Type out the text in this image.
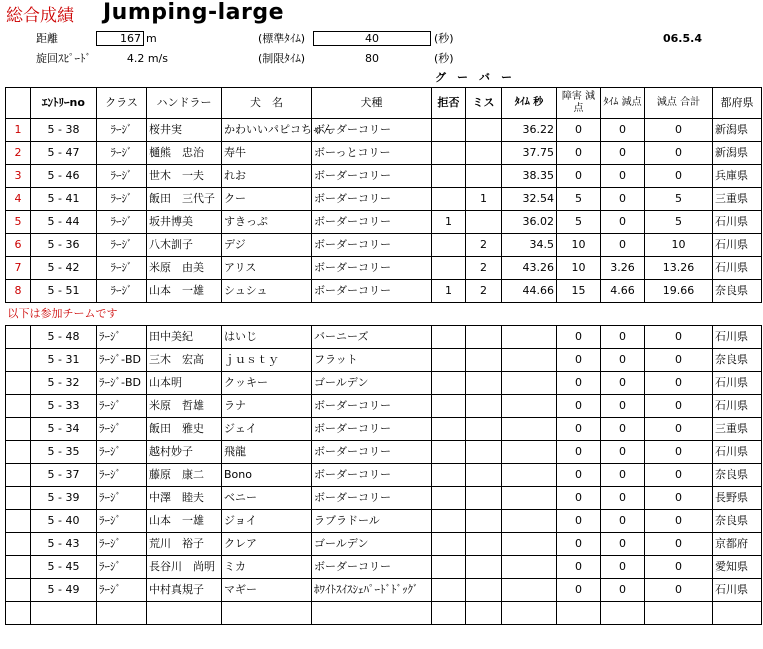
総合成績 Jumping-large
06.5.4
距離	167 m
旋回ｽﾋﾟｰﾄﾞ	4.2 m/s
(標準ﾀｲﾑ)	40	(秒)
(制限ﾀｲﾑ)	80	(秒)
グ　ー　バ　ー
	ｴﾝﾄﾘｰno	クラス	ハンドラー	犬　名	犬種	拒否	ミス	ﾀｲﾑ 秒	障害 減点	ﾀｲﾑ 減点	減点 合計	都府県
1	5 - 38	ﾗｰｼﾞ	桜井実	かわいいパピコちゃん	ボーダーコリー			36.22	0	0	0	新潟県
2	5 - 47	ﾗｰｼﾞ	樋熊　忠治	寿牛	ボーっとコリー			37.75	0	0	0	新潟県
3	5 - 46	ﾗｰｼﾞ	世木　一夫	れお	ボーダーコリー			38.35	0	0	0	兵庫県
4	5 - 41	ﾗｰｼﾞ	飯田　三代子	クー	ボーダーコリー		1	32.54	5	0	5	三重県
5	5 - 44	ﾗｰｼﾞ	坂井博美	すきっぷ	ボーダーコリー	1		36.02	5	0	5	石川県
6	5 - 36	ﾗｰｼﾞ	八木訓子	デジ	ボーダーコリー		2	34.5	10	0	10	石川県
7	5 - 42	ﾗｰｼﾞ	米原　由美	アリス	ボーダーコリー		2	43.26	10	3.26	13.26	石川県
8	5 - 51	ﾗｰｼﾞ	山本　一雄	シュシュ	ボーダーコリー	1	2	44.66	15	4.66	19.66	奈良県
以下は参加チームです												
	5 - 48	ﾗｰｼﾞ	田中美紀	はいじ	バーニーズ				0	0	0	石川県
	5 - 31	ﾗｰｼﾞ-BD	三木　宏高	ｊｕｓｔｙ	フラット				0	0	0	奈良県
	5 - 32	ﾗｰｼﾞ-BD	山本明	クッキー	ゴールデン				0	0	0	石川県
	5 - 33	ﾗｰｼﾞ	米原　哲雄	ラナ	ボーダーコリー				0	0	0	石川県
	5 - 34	ﾗｰｼﾞ	飯田　雅史	ジェイ	ボーダーコリー				0	0	0	三重県
	5 - 35	ﾗｰｼﾞ	越村妙子	飛龍	ボーダーコリー				0	0	0	石川県
	5 - 37	ﾗｰｼﾞ	藤原　康二	Bono	ボーダーコリー				0	0	0	奈良県
	5 - 39	ﾗｰｼﾞ	中澤　睦夫	ベニー	ボーダーコリー				0	0	0	長野県
	5 - 40	ﾗｰｼﾞ	山本　一雄	ジョイ	ラブラドール				0	0	0	奈良県
	5 - 43	ﾗｰｼﾞ	荒川　裕子	クレア	ゴールデン				0	0	0	京都府
	5 - 45	ﾗｰｼﾞ	長谷川　尚明	ミカ	ボーダーコリー				0	0	0	愛知県
	5 - 49	ﾗｰｼﾞ	中村真規子	マギー	ﾎﾜｲﾄｽｲｽｼｪﾊﾟｰﾄﾞﾄﾞｯｸﾞ				0	0	0	石川県
